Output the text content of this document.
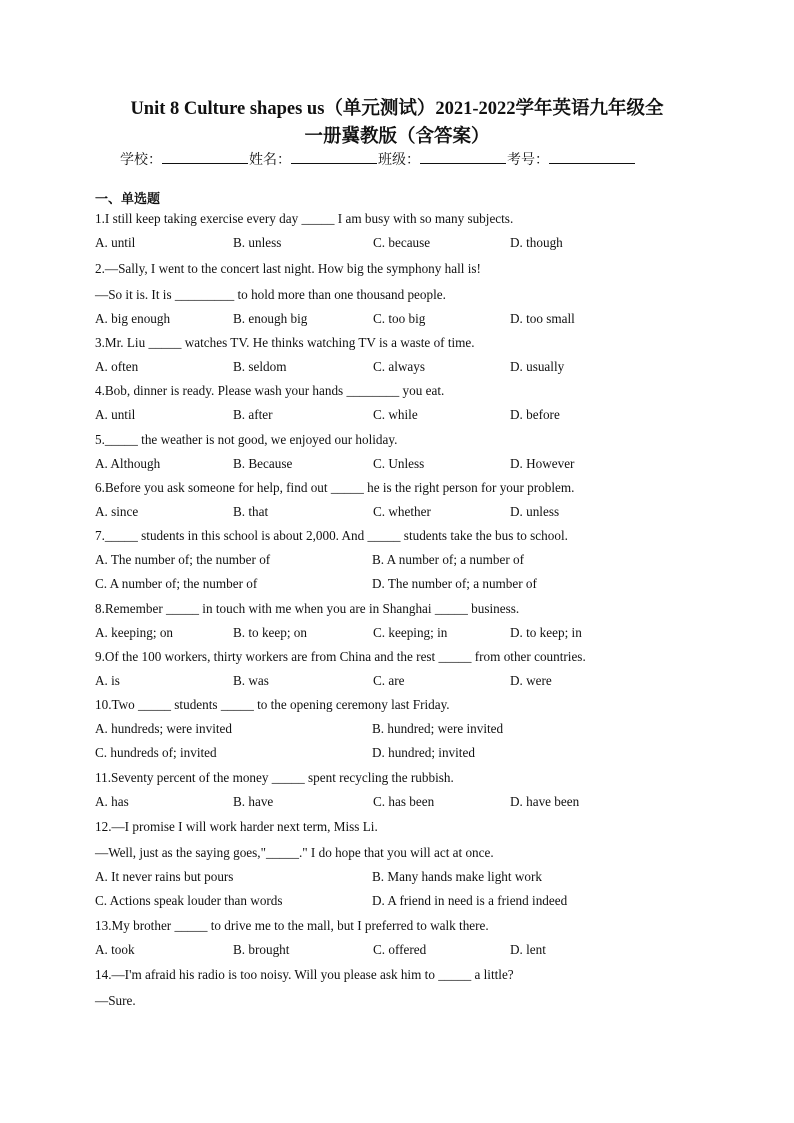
Unit 8 Culture shapes us（单元测试）2021-2022学年英语九年级全
一册冀教版（含答案）
学校：	姓名：	班级：	考号：
一、单选题
1.I still keep taking exercise every day _____ I am busy with so many subjects.
A. until	B. unless	C. because	D. though
2.—Sally, I went to the concert last night. How big the symphony hall is!
—So it is. It is _________ to hold more than one thousand people.
A. big enough	B. enough big	C. too big	D. too small
3.Mr. Liu _____ watches TV. He thinks watching TV is a waste of time.
A. often	B. seldom	C. always	D. usually
4.Bob, dinner is ready. Please wash your hands ________ you eat.
A. until	B. after	C. while	D. before
5._____ the weather is not good, we enjoyed our holiday.
A. Although	B. Because	C. Unless	D. However
6.Before you ask someone for help, find out _____ he is the right person for your problem.
A. since	B. that	C. whether	D. unless
7._____ students in this school is about 2,000. And _____ students take the bus to school.
A. The number of; the number of	B. A number of; a number of
C. A number of; the number of	D. The number of; a number of
8.Remember _____ in touch with me when you are in Shanghai _____ business.
A. keeping; on	B. to keep; on	C. keeping; in	D. to keep; in
9.Of the 100 workers, thirty workers are from China and the rest _____ from other countries.
A. is	B. was	C. are	D. were
10.Two _____ students _____ to the opening ceremony last Friday.
A. hundreds; were invited	B. hundred; were invited
C. hundreds of; invited	D. hundred; invited
11.Seventy percent of the money _____ spent recycling the rubbish.
A. has	B. have	C. has been	D. have been
12.—I promise I will work harder next term, Miss Li.
—Well, just as the saying goes,"_____." I do hope that you will act at once.
A. It never rains but pours	B. Many hands make light work
C. Actions speak louder than words	D. A friend in need is a friend indeed
13.My brother _____ to drive me to the mall, but I preferred to walk there.
A. took	B. brought	C. offered	D. lent
14.—I'm afraid his radio is too noisy. Will you please ask him to _____ a little?
—Sure.
